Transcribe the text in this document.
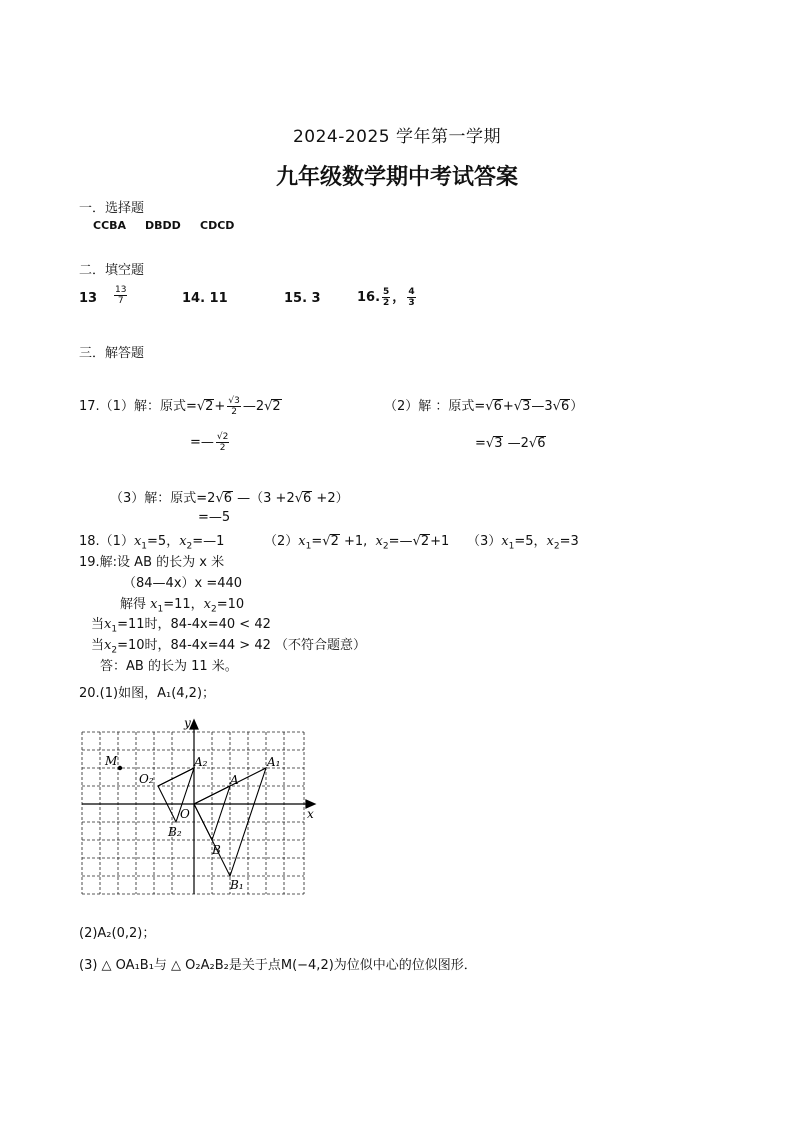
2024-2025 学年第一学期
九年级数学期中考试答案
一．选择题
CCBA DBDD CDCD
二．填空题
$13 \frac{13}{7}$	14. 11	15. 3	16. $\frac{5}{2}$ ， $\frac{4}{3}$
三．解答题
17.（1）解：原式$=√2+ \frac{√3}{2}$ —2√2
=— $\frac{√2}{2}$
（2）解 ：原式=√6+√3—3√6）
=√3 —2√6
（3）解：原式=2√6 —（3 +2√6 +2）
=—5
$18.(1)x_1=5$，$x_2=—1$	$(2)x_1=√2 +1$, $x_2=—√2+1$ $(3)x_1=5$，$x_2=3$
19.解:设 AB 的长为 x 米
（84—4x）x =440
解得 $x_1=11$，$x_2=10$
当$x_1=11$时，84-4x=40 < 42
当$x_2=10$时，84-4x=44 > 42 （不符合题意）
答：AB 的长为 11 米。
20.(1)如图，A₁(4,2)；
y
x
M
O₂
A₂
A
A₁
O
B₂
B
B₁
(2)A₂(0,2)；
(3) △ OA₁B₁与 △ O₂A₂B₂是关于点M(−4,2)为位似中心的位似图形．
